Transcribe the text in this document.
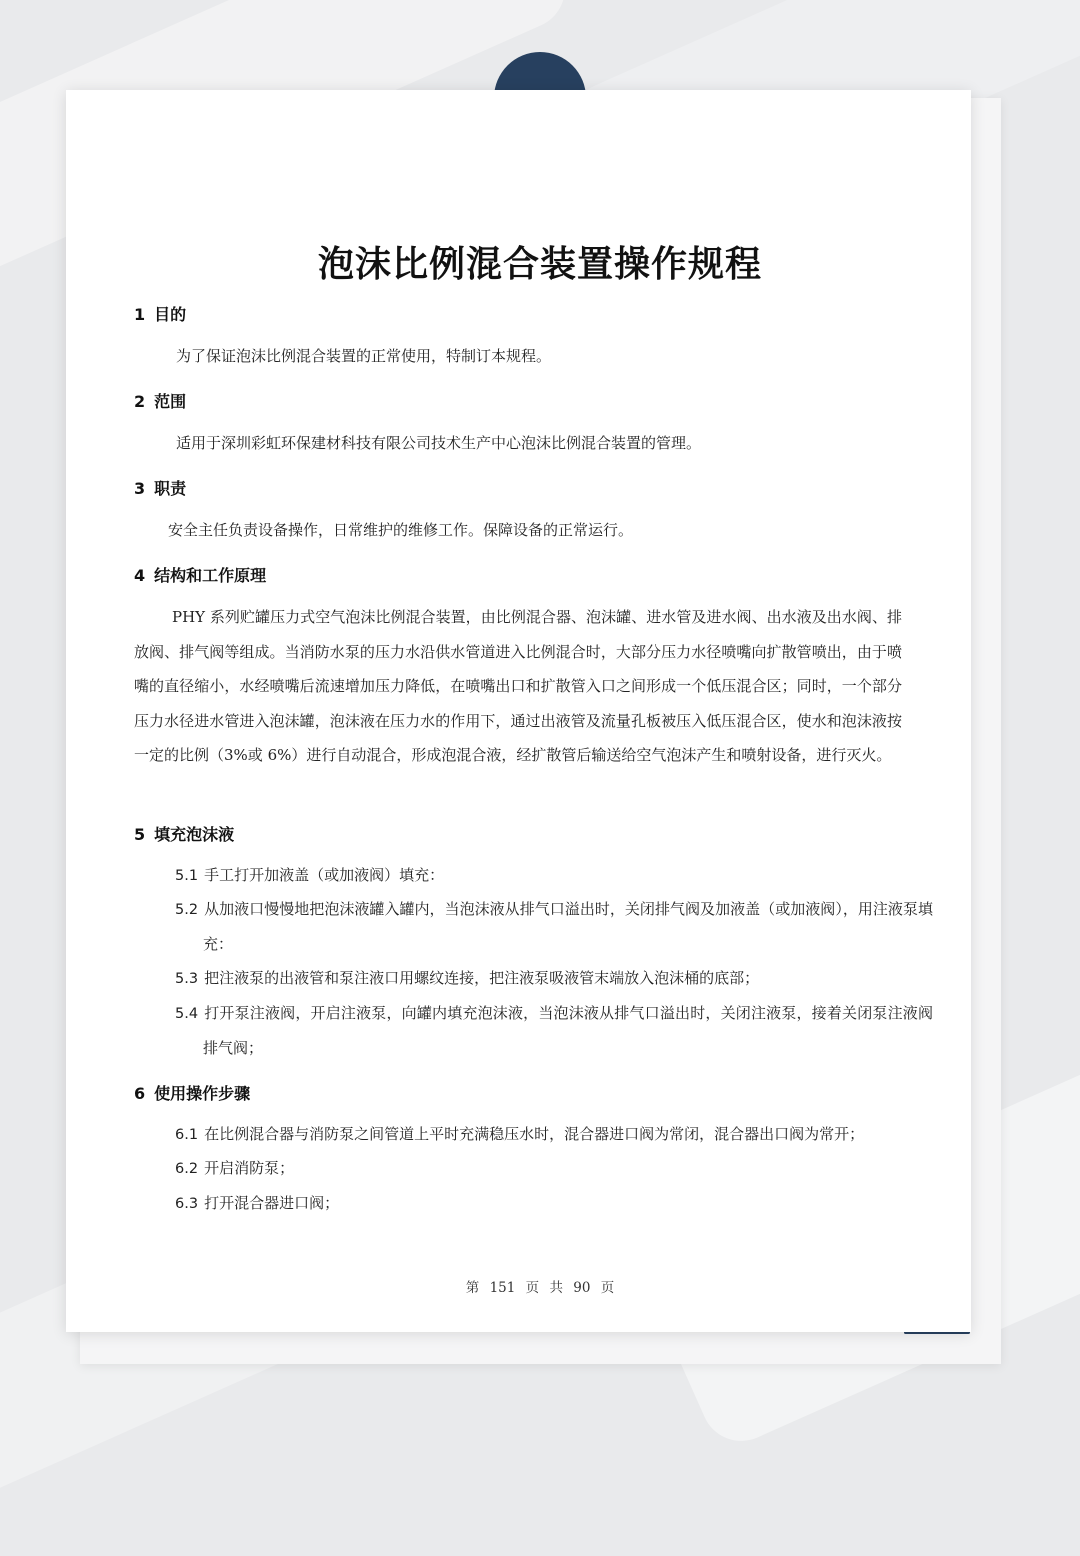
泡沫比例混合装置操作规程
1 目的

为了保证泡沫比例混合装置的正常使用，特制订本规程。

2 范围

适用于深圳彩虹环保建材科技有限公司技术生产中心泡沫比例混合装置的管理。

3 职责

安全主任负责设备操作，日常维护的维修工作。保障设备的正常运行。

4 结构和工作原理

PHY 系列贮罐压力式空气泡沫比例混合装置，由比例混合器、泡沫罐、进水管及进水阀、出水液及出水阀、排放阀、排气阀等组成。当消防水泵的压力水沿供水管道进入比例混合时，大部分压力水径喷嘴向扩散管喷出，由于喷嘴的直径缩小，水经喷嘴后流速增加压力降低，在喷嘴出口和扩散管入口之间形成一个低压混合区；同时，一个部分压力水径进水管进入泡沫罐，泡沫液在压力水的作用下，通过出液管及流量孔板被压入低压混合区，使水和泡沫液按一定的比例（3%或 6%）进行自动混合，形成泡混合液，经扩散管后输送给空气泡沫产生和喷射设备，进行灭火。

5 填充泡沫液

5.1 手工打开加液盖（或加液阀）填充：

5.2 从加液口慢慢地把泡沫液罐入罐内，当泡沫液从排气口溢出时，关闭排气阀及加液盖（或加液阀），用注液泵填充：

5.3 把注液泵的出液管和泵注液口用螺纹连接，把注液泵吸液管末端放入泡沫桶的底部；

5.4 打开泵注液阀，开启注液泵，向罐内填充泡沫液，当泡沫液从排气口溢出时，关闭注液泵，接着关闭泵注液阀排气阀；

6 使用操作步骤

6.1 在比例混合器与消防泵之间管道上平时充满稳压水时，混合器进口阀为常闭，混合器出口阀为常开；

6.2 开启消防泵；

6.3 打开混合器进口阀；

第 151 页 共 90 页
